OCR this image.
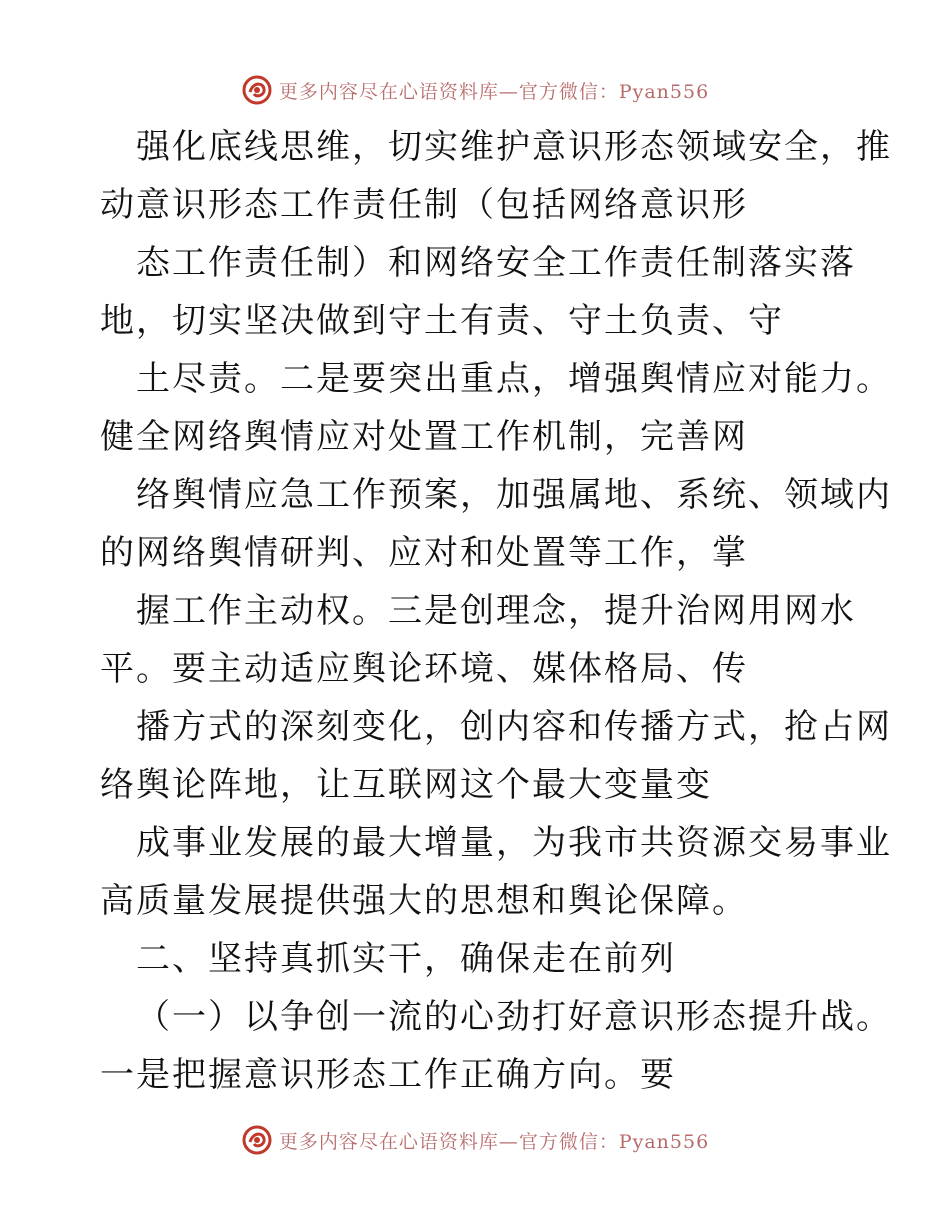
更多内容尽在心语资料库—官方微信：Pyan556
强化底线思维，切实维护意识形态领域安全，推
动意识形态工作责任制（包括网络意识形
态工作责任制）和网络安全工作责任制落实落
地，切实坚决做到守土有责、守土负责、守
土尽责。二是要突出重点，增强舆情应对能力。
健全网络舆情应对处置工作机制，完善网
络舆情应急工作预案，加强属地、系统、领域内
的网络舆情研判、应对和处置等工作，掌
握工作主动权。三是创理念，提升治网用网水
平。要主动适应舆论环境、媒体格局、传
播方式的深刻变化，创内容和传播方式，抢占网
络舆论阵地，让互联网这个最大变量变
成事业发展的最大增量，为我市共资源交易事业
高质量发展提供强大的思想和舆论保障。
二、坚持真抓实干，确保走在前列
（一）以争创一流的心劲打好意识形态提升战。
一是把握意识形态工作正确方向。要
更多内容尽在心语资料库—官方微信：Pyan556
